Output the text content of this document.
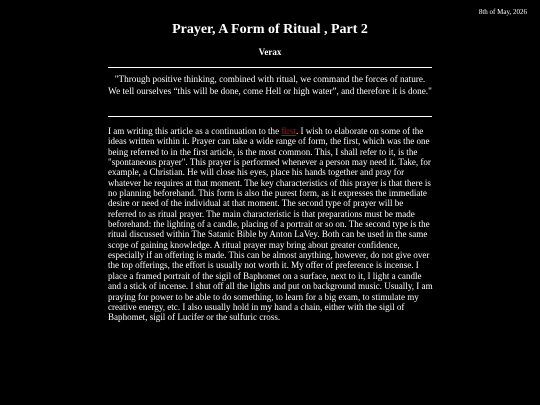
8th of May, 2026
Prayer, A Form of Ritual , Part 2
Verax
"Through positive thinking, combined with ritual, we command the forces of nature. We tell ourselves “this will be done, come Hell or high water”, and therefore it is done."

I am writing this article as a continuation to the first. I wish to elaborate on some of the ideas written within it. Prayer can take a wide range of form, the first, which was the one being referred to in the first article, is the most common. This, I shall refer to it, is the "spontaneous prayer". This prayer is performed whenever a person may need it. Take, for example, a Christian. He will close his eyes, place his hands together and pray for whatever he requires at that moment. The key characteristics of this prayer is that there is no planning beforehand. This form is also the purest form, as it expresses the immediate desire or need of the individual at that moment. The second type of prayer will be referred to as ritual prayer. The main characteristic is that preparations must be made beforehand: the lighting of a candle, placing of a portrait or so on. The second type is the ritual discussed within The Satanic Bible by Anton LaVey. Both can be used in the same scope of gaining knowledge. A ritual prayer may bring about greater confidence, especially if an offering is made. This can be almost anything, however, do not give over the top offerings, the effort is usually not worth it. My offer of preference is incense. I place a framed portrait of the sigil of Baphomet on a surface, next to it, I light a candle and a stick of incense. I shut off all the lights and put on background music. Usually, I am praying for power to be able to do something, to learn for a big exam, to stimulate my creative energy, etc. I also usually hold in my hand a chain, either with the sigil of Baphomet, sigil of Lucifer or the sulfuric cross.
